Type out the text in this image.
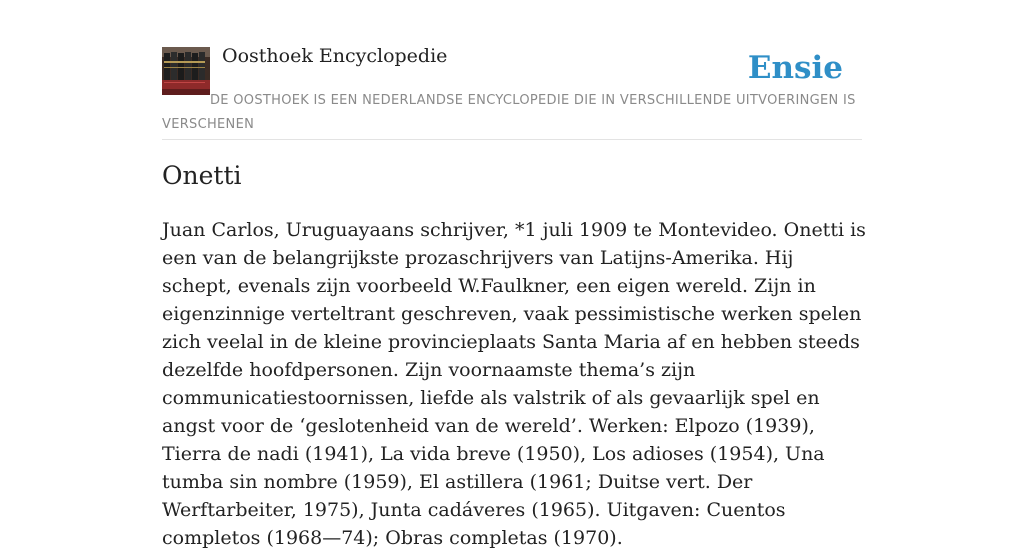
Oosthoek Encyclopedie	Ensie
DE OOSTHOEK IS EEN NEDERLANDSE ENCYCLOPEDIE DIE IN VERSCHILLENDE UITVOERINGEN IS VERSCHENEN
Onetti

Juan Carlos, Uruguayaans schrijver, *1 juli 1909 te Montevideo. Onetti is een van de belangrijkste prozaschrijvers van Latijns-Amerika. Hij schept, evenals zijn voorbeeld W.Faulkner, een eigen wereld. Zijn in eigenzinnige verteltrant geschreven, vaak pessimistische werken spelen zich veelal in de kleine provincieplaats Santa Maria af en hebben steeds dezelfde hoofdpersonen. Zijn voornaamste thema’s zijn communicatiestoornissen, liefde als valstrik of als gevaarlijk spel en angst voor de ‘geslotenheid van de wereld’. Werken: Elpozo (1939), Tierra de nadi (1941), La vida breve (1950), Los adioses (1954), Una tumba sin nombre (1959), El astillera (1961; Duitse vert. Der Werftarbeiter, 1975), Junta cadáveres (1965). Uitgaven: Cuentos completos (1968—74); Obras completas (1970).
